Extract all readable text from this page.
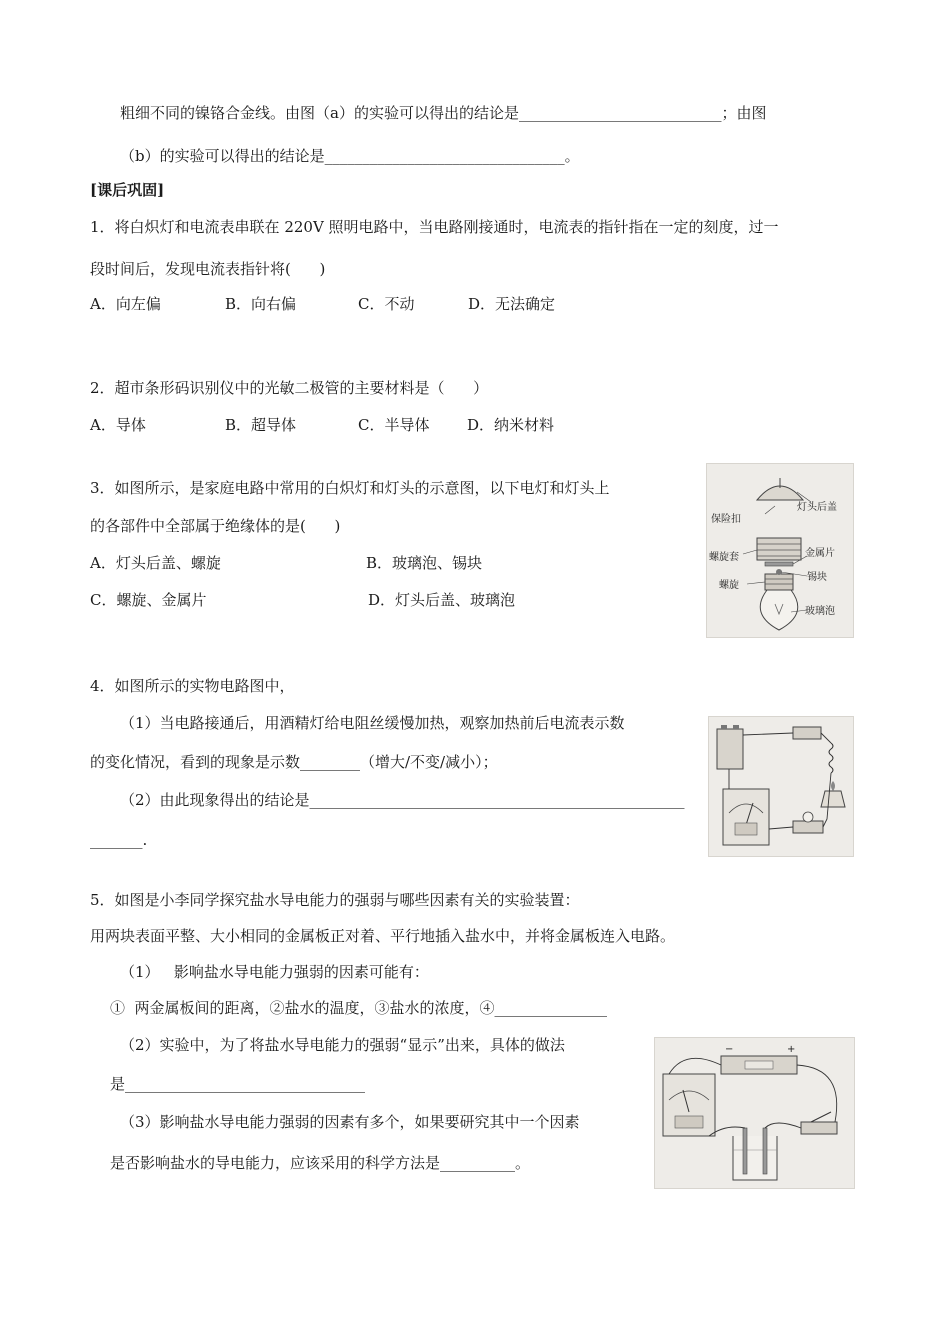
粗细不同的镍铬合金线。由图（a）的实验可以得出的结论是___________________________；由图
（b）的实验可以得出的结论是________________________________。
[课后巩固]
1．将白炽灯和电流表串联在 220V 照明电路中，当电路刚接通时，电流表的指针指在一定的刻度，过一
段时间后，发现电流表指针将(      )
A．向左偏	B．向右偏	C．不动	D．无法确定
2．超市条形码识别仪中的光敏二极管的主要材料是（      ）
A．导体	B．超导体	C．半导体	D．纳米材料
3．如图所示，是家庭电路中常用的白炽灯和灯头的示意图，以下电灯和灯头上
的各部件中全部属于绝缘体的是(      )
A．灯头后盖、螺旋	B．玻璃泡、锡块
C．螺旋、金属片	D．灯头后盖、玻璃泡
保险扣
灯头后盖
螺旋套	金属片
锡块
螺旋
玻璃泡
4．如图所示的实物电路图中，
（1）当电路接通后，用酒精灯给电阻丝缓慢加热，观察加热前后电流表示数
的变化情况，看到的现象是示数________（增大/不变/减小）；
（2）由此现象得出的结论是__________________________________________________
_______.
5．如图是小李同学探究盐水导电能力的强弱与哪些因素有关的实验装置：
用两块表面平整、大小相同的金属板正对着、平行地插入盐水中，并将金属板连入电路。
（1）   影响盐水导电能力强弱的因素可能有：
①  两金属板间的距离，②盐水的温度，③盐水的浓度，④_______________
（2）实验中，为了将盐水导电能力的强弱“显示”出来，具体的做法
是________________________________
（3）影响盐水导电能力强弱的因素有多个，如果要研究其中一个因素
是否影响盐水的导电能力，应该采用的科学方法是__________。
−	+
